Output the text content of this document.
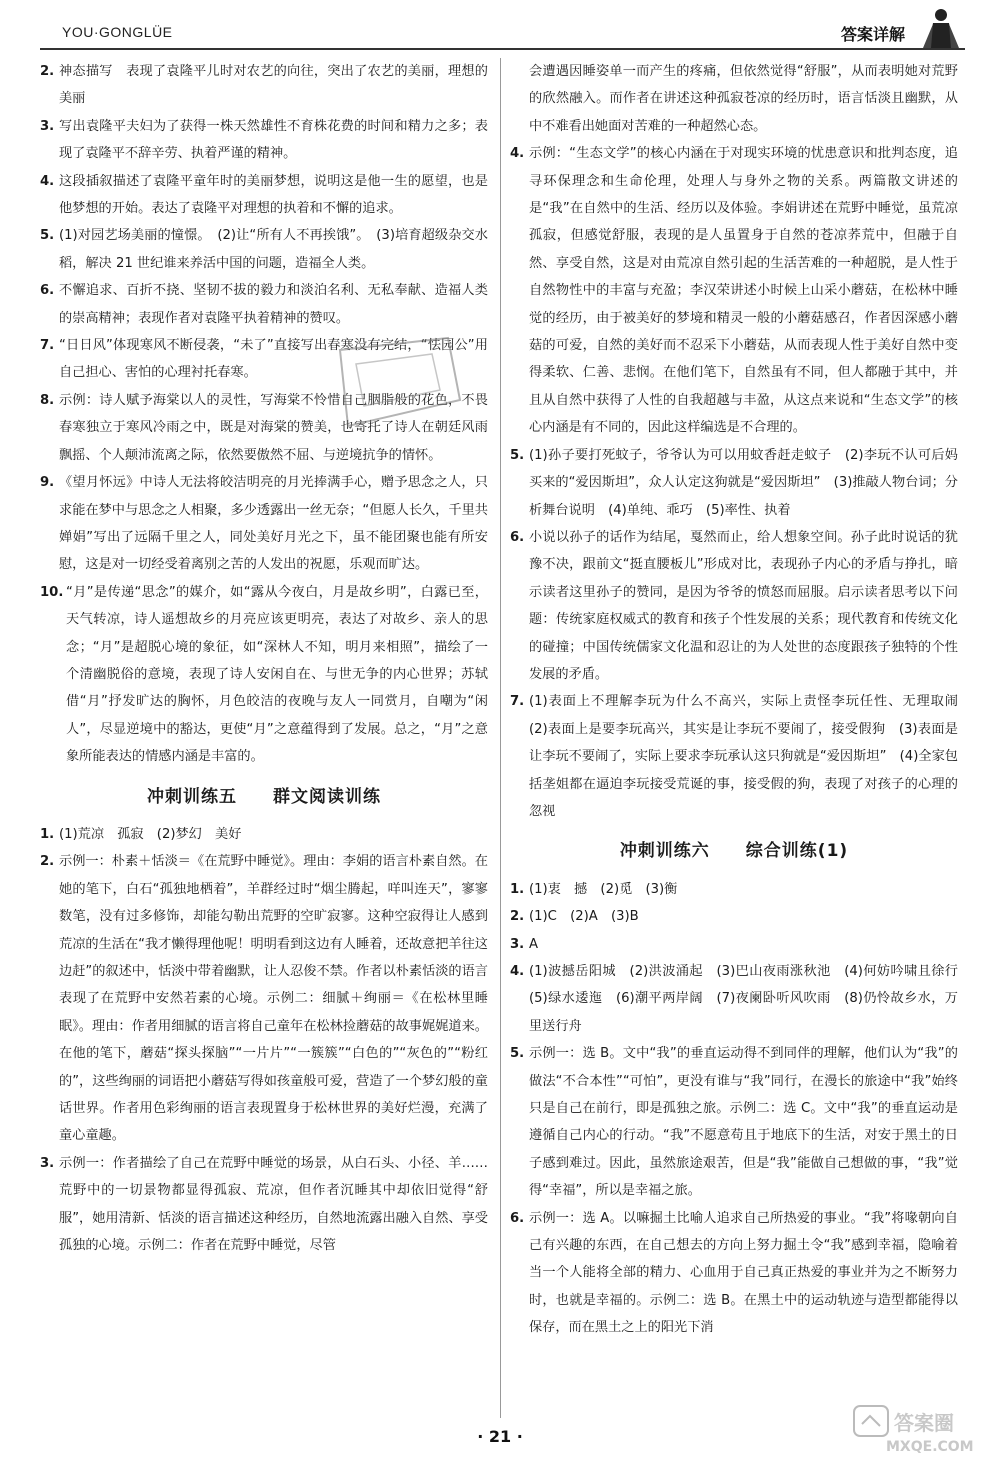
YOU·GONGLÜE	答案详解
2. 神态描写　表现了袁隆平儿时对农艺的向往，突出了农艺的美丽，理想的美丽
3. 写出袁隆平夫妇为了获得一株天然雄性不育株花费的时间和精力之多；表现了袁隆平不辞辛劳、执着严谨的精神。
4. 这段插叙描述了袁隆平童年时的美丽梦想，说明这是他一生的愿望，也是他梦想的开始。表达了袁隆平对理想的执着和不懈的追求。
5. (1)对园艺场美丽的憧憬。　(2)让“所有人不再挨饿”。　(3)培育超级杂交水稻，解决 21 世纪谁来养活中国的问题，造福全人类。
6. 不懈追求、百折不挠、坚韧不拔的毅力和淡泊名利、无私奉献、造福人类的崇高精神；表现作者对袁隆平执着精神的赞叹。
7. “日日风”体现寒风不断侵袭，“未了”直接写出春寒没有完结，“怯园公”用自己担心、害怕的心理衬托春寒。
8. 示例：诗人赋予海棠以人的灵性，写海棠不怜惜自己胭脂般的花色，不畏春寒独立于寒风冷雨之中，既是对海棠的赞美，也寄托了诗人在朝廷风雨飘摇、个人颠沛流离之际，依然要傲然不屈、与逆境抗争的情怀。
9. 《望月怀远》中诗人无法将皎洁明亮的月光捧满手心，赠予思念之人，只求能在梦中与思念之人相聚，多少透露出一丝无奈；“但愿人长久，千里共婵娟”写出了远隔千里之人，同处美好月光之下，虽不能团聚也能有所安慰，这是对一切经受着离别之苦的人发出的祝愿，乐观而旷达。
10. “月”是传递“思念”的媒介，如“露从今夜白，月是故乡明”，白露已至，天气转凉，诗人遥想故乡的月亮应该更明亮，表达了对故乡、亲人的思念；“月”是超脱心境的象征，如“深林人不知，明月来相照”，描绘了一个清幽脱俗的意境，表现了诗人安闲自在、与世无争的内心世界；苏轼借“月”抒发旷达的胸怀，月色皎洁的夜晚与友人一同赏月，自嘲为“闲人”，尽显逆境中的豁达，更使“月”之意蕴得到了发展。总之，“月”之意象所能表达的情感内涵是丰富的。
冲刺训练五　　群文阅读训练
1. (1)荒凉　孤寂　(2)梦幻　美好
2. 示例一：朴素＋恬淡＝《在荒野中睡觉》。理由：李娟的语言朴素自然。在她的笔下，白石“孤独地栖着”，羊群经过时“烟尘腾起，咩叫连天”，寥寥数笔，没有过多修饰，却能勾勒出荒野的空旷寂寥。这种空寂得让人感到荒凉的生活在“我才懒得理他呢！明明看到这边有人睡着，还故意把羊往这边赶”的叙述中，恬淡中带着幽默，让人忍俊不禁。作者以朴素恬淡的语言表现了在荒野中安然若素的心境。示例二：细腻＋绚丽＝《在松林里睡眠》。理由：作者用细腻的语言将自己童年在松林捡蘑菇的故事娓娓道来。在他的笔下，蘑菇“探头探脑”“一片片”“一簇簇”“白色的”“灰色的”“粉红的”，这些绚丽的词语把小蘑菇写得如孩童般可爱，营造了一个梦幻般的童话世界。作者用色彩绚丽的语言表现置身于松林世界的美好烂漫，充满了童心童趣。
3. 示例一：作者描绘了自己在荒野中睡觉的场景，从白石头、小径、羊……荒野中的一切景物都显得孤寂、荒凉，但作者沉睡其中却依旧觉得“舒服”，她用清新、恬淡的语言描述这种经历，自然地流露出融入自然、享受孤独的心境。示例二：作者在荒野中睡觉，尽管
会遭遇因睡姿单一而产生的疼痛，但依然觉得“舒服”，从而表明她对荒野的欣然融入。而作者在讲述这种孤寂苍凉的经历时，语言恬淡且幽默，从中不难看出她面对苦难的一种超然心态。
4. 示例：“生态文学”的核心内涵在于对现实环境的忧患意识和批判态度，追寻环保理念和生命伦理，处理人与身外之物的关系。两篇散文讲述的是“我”在自然中的生活、经历以及体验。李娟讲述在荒野中睡觉，虽荒凉孤寂，但感觉舒服，表现的是人虽置身于自然的苍凉荞荒中，但融于自然、享受自然，这是对由荒凉自然引起的生活苦难的一种超脱，是人性于自然物性中的丰富与充盈；李汉荣讲述小时候上山采小蘑菇，在松林中睡觉的经历，由于被美好的梦境和精灵一般的小蘑菇感召，作者因深感小蘑菇的可爱，自然的美好而不忍采下小蘑菇，从而表现人性于美好自然中变得柔软、仁善、悲悯。在他们笔下，自然虽有不同，但人都融于其中，并且从自然中获得了人性的自我超越与丰盈，从这点来说和“生态文学”的核心内涵是有不同的，因此这样编选是不合理的。
5. (1)孙子要打死蚊子，爷爷认为可以用蚊香赶走蚊子　(2)李玩不认可后妈买来的“爱因斯坦”，众人认定这狗就是“爱因斯坦”　(3)推敲人物台词；分析舞台说明　(4)单纯、乖巧　(5)率性、执着
6. 小说以孙子的话作为结尾，戛然而止，给人想象空间。孙子此时说话的犹豫不决，跟前文“挺直腰板儿”形成对比，表现孙子内心的矛盾与挣扎，暗示读者这里孙子的赞同，是因为爷爷的愤怒而屈服。启示读者思考以下问题：传统家庭权威式的教育和孩子个性发展的关系；现代教育和传统文化的碰撞；中国传统儒家文化温和忍让的为人处世的态度跟孩子独特的个性发展的矛盾。
7. (1)表面上不理解李玩为什么不高兴，实际上责怪李玩任性、无理取闹　(2)表面上是要李玩高兴，其实是让李玩不要闹了，接受假狗　(3)表面是让李玩不要闹了，实际上要求李玩承认这只狗就是“爱因斯坦”　(4)全家包括垄姐都在逼迫李玩接受荒诞的事，接受假的狗，表现了对孩子的心理的忽视
冲刺训练六　　综合训练(1)
1. (1)衷　撼　(2)觅　(3)衡
2. (1)C　(2)A　(3)B
3. A
4. (1)波撼岳阳城　(2)洪波涌起　(3)巴山夜雨涨秋池　(4)何妨吟啸且徐行　(5)绿水逶迤　(6)潮平两岸阔　(7)夜阑卧听风吹雨　(8)仍怜故乡水，万里送行舟
5. 示例一：选 B。文中“我”的垂直运动得不到同伴的理解，他们认为“我”的做法“不合本性”“可怕”，更没有谁与“我”同行，在漫长的旅途中“我”始终只是自己在前行，即是孤独之旅。示例二：选 C。文中“我”的垂直运动是遵循自己内心的行动。“我”不愿意苟且于地底下的生活，对安于黑土的日子感到难过。因此，虽然旅途艰苦，但是“我”能做自己想做的事，“我”觉得“幸福”，所以是幸福之旅。
6. 示例一：选 A。以嘛掘土比喻人追求自己所热爱的事业。“我”将喙朝向自己有兴趣的东西，在自己想去的方向上努力掘土令“我”感到幸福，隐喻着当一个人能将全部的精力、心血用于自己真正热爱的事业并为之不断努力时，也就是幸福的。示例二：选 B。在黑土中的运动轨迹与造型都能得以保存，而在黑土之上的阳光下消
· 21 ·
答案圈
MXQE.COM
